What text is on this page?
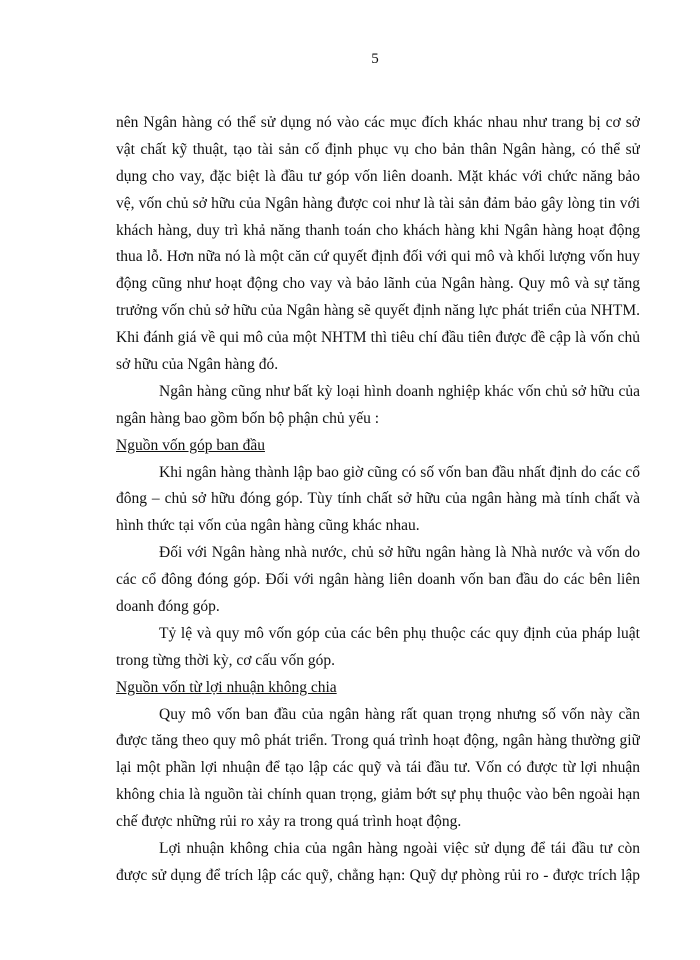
5
nên Ngân hàng có thể sử dụng nó vào các mục đích khác nhau như trang bị cơ sở
vật chất kỹ thuật, tạo tài sản cố định phục vụ cho bản thân Ngân hàng, có thể sử
dụng cho vay, đặc biệt là đầu tư góp vốn liên doanh. Mặt khác với chức năng bảo
vệ, vốn chủ sở hữu của Ngân hàng được coi như là tài sản đảm bảo gây lòng tin với
khách hàng, duy trì khả năng thanh toán cho khách hàng khi Ngân hàng hoạt động
thua lỗ. Hơn nữa nó là một căn cứ quyết định đối với qui mô và khối lượng vốn huy
động cũng như hoạt động cho vay và bảo lãnh của Ngân hàng. Quy mô và sự tăng
trưởng vốn chủ sở hữu của Ngân hàng sẽ quyết định năng lực phát triển của NHTM.
Khi đánh giá về qui mô của một NHTM thì tiêu chí đầu tiên được đề cập là vốn chủ
sở hữu của Ngân hàng đó.
Ngân hàng cũng như bất kỳ loại hình doanh nghiệp khác vốn chủ sở hữu của
ngân hàng bao gồm bốn bộ phận chủ yếu :
Nguồn vốn góp ban đầu
Khi ngân hàng thành lập bao giờ cũng có số vốn ban đầu nhất định do các cổ
đông – chủ sở hữu đóng góp. Tùy tính chất sở hữu của ngân hàng mà tính chất và
hình thức tại vốn của ngân hàng cũng khác nhau.
Đối với Ngân hàng nhà nước, chủ sở hữu ngân hàng là Nhà nước và vốn do
các cổ đông đóng góp. Đối với ngân hàng liên doanh vốn ban đầu do các bên liên
doanh đóng góp.
Tỷ lệ và quy mô vốn góp của các bên phụ thuộc các quy định của pháp luật
trong từng thời kỳ, cơ cấu vốn góp.
Nguồn vốn từ lợi nhuận không chia
Quy mô vốn ban đầu của ngân hàng rất quan trọng nhưng số vốn này cần
được tăng theo quy mô phát triển. Trong quá trình hoạt động, ngân hàng thường giữ
lại một phần lợi nhuận để tạo lập các quỹ và tái đầu tư. Vốn có được từ lợi nhuận
không chia là nguồn tài chính quan trọng, giảm bớt sự phụ thuộc vào bên ngoài hạn
chế được những rủi ro xảy ra trong quá trình hoạt động.
Lợi nhuận không chia của ngân hàng ngoài việc sử dụng để tái đầu tư còn
được sử dụng để trích lập các quỹ, chẳng hạn: Quỹ dự phòng rủi ro - được trích lập
